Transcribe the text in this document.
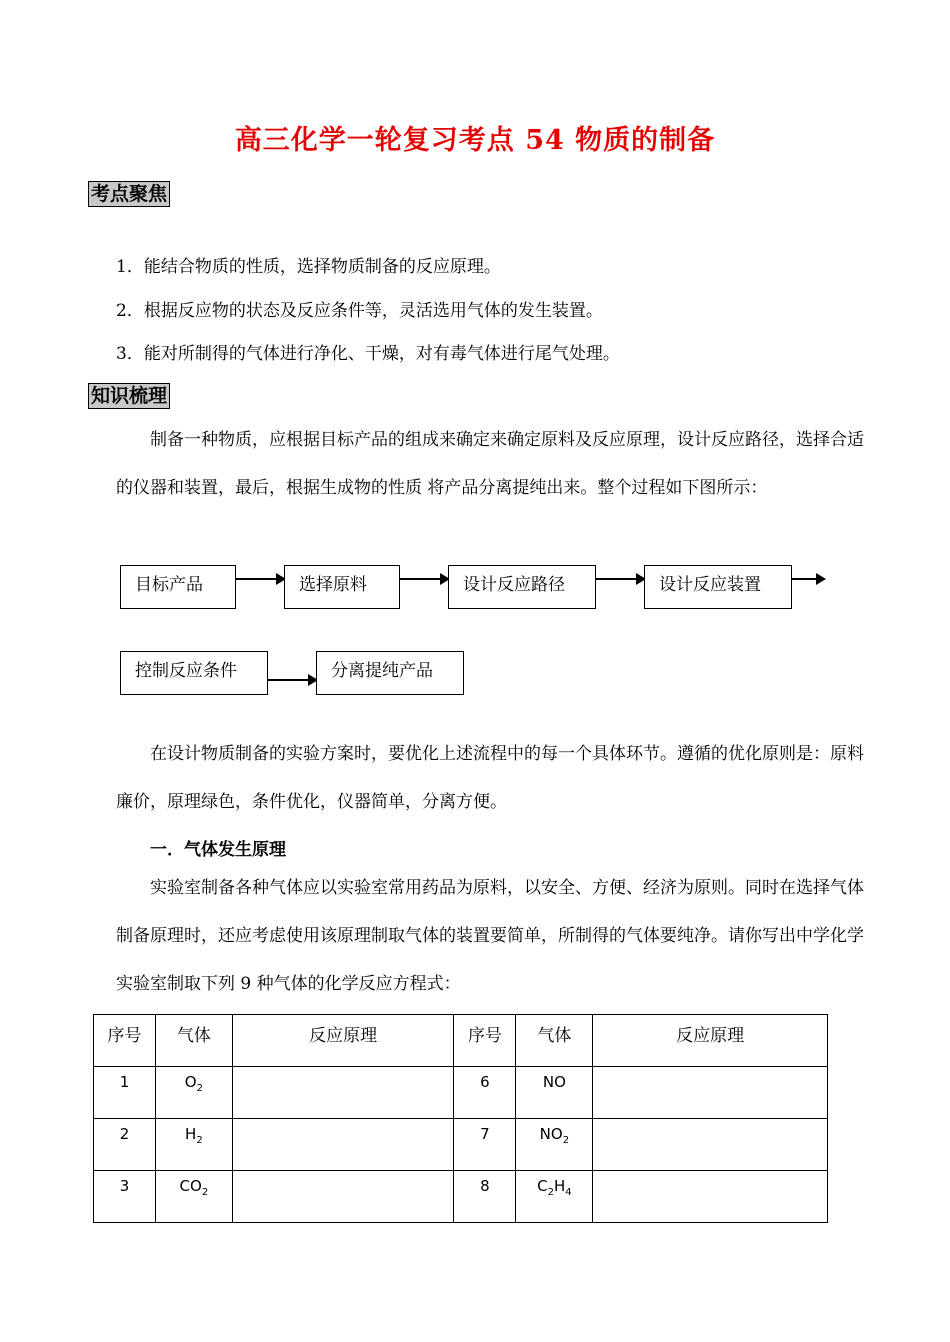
高三化学一轮复习考点 54 物质的制备
考点聚焦
1．能结合物质的性质，选择物质制备的反应原理。
2．根据反应物的状态及反应条件等，灵活选用气体的发生装置。
3．能对所制得的气体进行净化、干燥，对有毒气体进行尾气处理。
知识梳理
制备一种物质，应根据目标产品的组成来确定来确定原料及反应原理，设计反应路径，选择合适的仪器和装置，最后，根据生成物的性质 将产品分离提纯出来。整个过程如下图所示：
目标产品	选择原料	设计反应路径	设计反应装置
控制反应条件	分离提纯产品
在设计物质制备的实验方案时，要优化上述流程中的每一个具体环节。遵循的优化原则是：原料廉价，原理绿色，条件优化，仪器简单，分离方便。
一．气体发生原理
实验室制备各种气体应以实验室常用药品为原料，以安全、方便、经济为原则。同时在选择气体制备原理时，还应考虑使用该原理制取气体的装置要简单，所制得的气体要纯净。请你写出中学化学实验室制取下列 9 种气体的化学反应方程式：
序号	气体	反应原理	序号	气体	反应原理
1	$O_2$		6	NO	
2	$H_2$		7	$NO_2$	
3	$CO_2$		8	$C_2H_4$	
